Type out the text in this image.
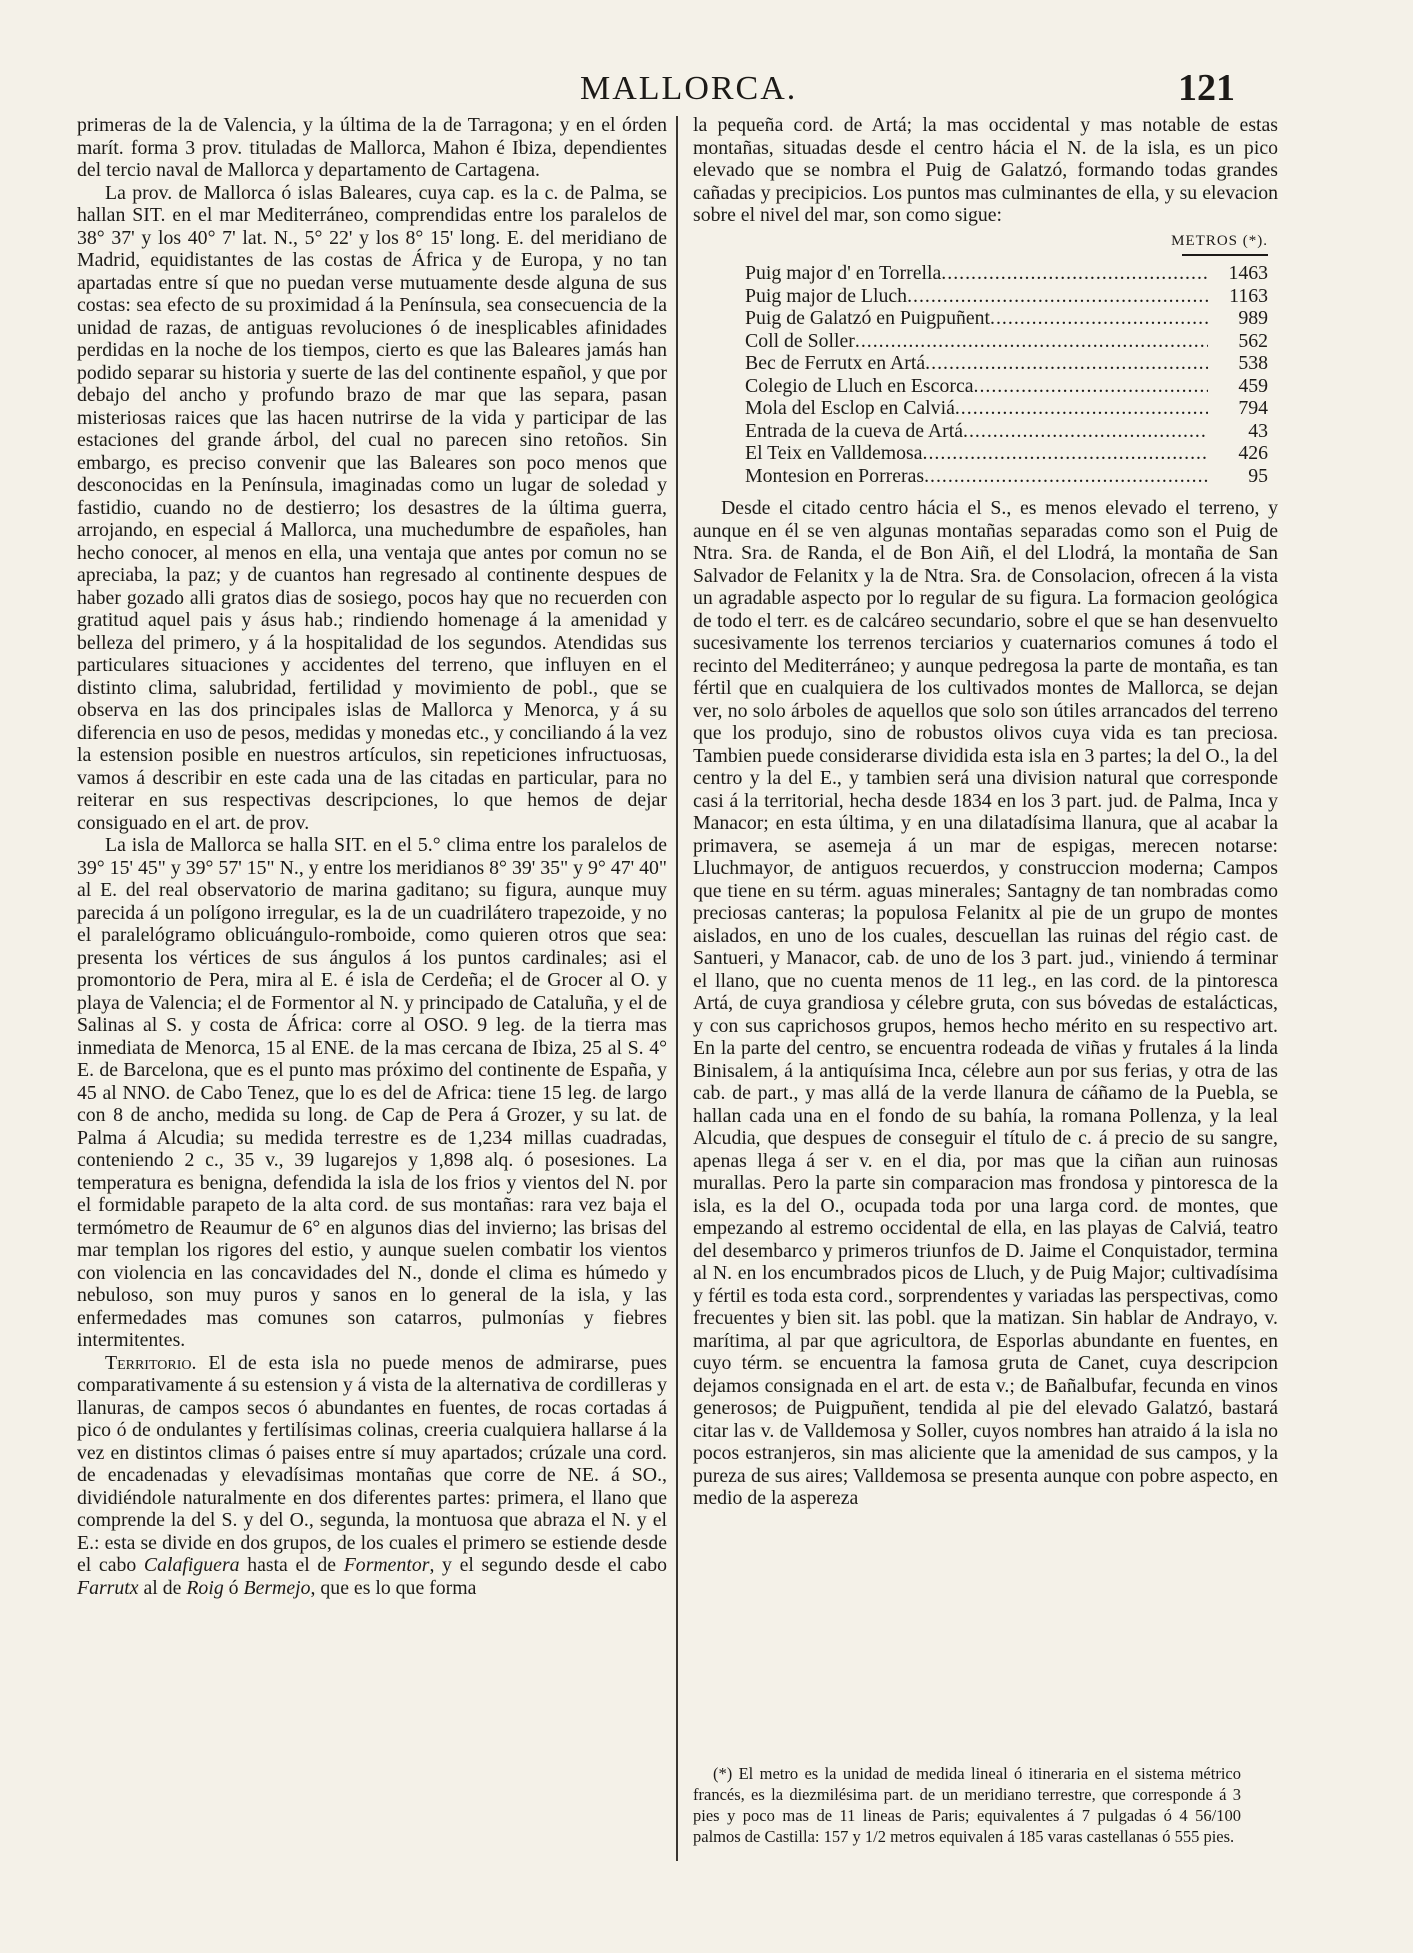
MALLORCA.	121

primeras de la de Valencia, y la última de la de Tarragona; y en el órden marít. forma 3 prov. tituladas de Mallorca, Mahon é Ibiza, dependientes del tercio naval de Mallorca y departamento de Cartagena.

La prov. de Mallorca ó islas Baleares, cuya cap. es la c. de Palma, se hallan SIT. en el mar Mediterráneo, comprendidas entre los paralelos de 38° 37' y los 40° 7' lat. N., 5° 22' y los 8° 15' long. E. del meridiano de Madrid, equidistantes de las costas de África y de Europa, y no tan apartadas entre sí que no puedan verse mutuamente desde alguna de sus costas: sea efecto de su proximidad á la Península, sea consecuencia de la unidad de razas, de antiguas revoluciones ó de inesplicables afinidades perdidas en la noche de los tiempos, cierto es que las Baleares jamás han podido separar su historia y suerte de las del continente español, y que por debajo del ancho y profundo brazo de mar que las separa, pasan misteriosas raices que las hacen nutrirse de la vida y participar de las estaciones del grande árbol, del cual no parecen sino retoños. Sin embargo, es preciso convenir que las Baleares son poco menos que desconocidas en la Península, imaginadas como un lugar de soledad y fastidio, cuando no de destierro; los desastres de la última guerra, arrojando, en especial á Mallorca, una muchedumbre de españoles, han hecho conocer, al menos en ella, una ventaja que antes por comun no se apreciaba, la paz; y de cuantos han regresado al continente despues de haber gozado alli gratos dias de sosiego, pocos hay que no recuerden con gratitud aquel pais y ásus hab.; rindiendo homenage á la amenidad y belleza del primero, y á la hospitalidad de los segundos. Atendidas sus particulares situaciones y accidentes del terreno, que influyen en el distinto clima, salubridad, fertilidad y movimiento de pobl., que se observa en las dos principales islas de Mallorca y Menorca, y á su diferencia en uso de pesos, medidas y monedas etc., y conciliando á la vez la estension posible en nuestros artículos, sin repeticiones infructuosas, vamos á describir en este cada una de las citadas en particular, para no reiterar en sus respectivas descripciones, lo que hemos de dejar consiguado en el art. de prov.

La isla de Mallorca se halla SIT. en el 5.° clima entre los paralelos de 39° 15' 45" y 39° 57' 15" N., y entre los meridianos 8° 39' 35" y 9° 47' 40" al E. del real observatorio de marina gaditano; su figura, aunque muy parecida á un polígono irregular, es la de un cuadrilátero trapezoide, y no el paralelógramo oblicuángulo-romboide, como quieren otros que sea: presenta los vértices de sus ángulos á los puntos cardinales; asi el promontorio de Pera, mira al E. é isla de Cerdeña; el de Grocer al O. y playa de Valencia; el de Formentor al N. y principado de Cataluña, y el de Salinas al S. y costa de África: corre al OSO. 9 leg. de la tierra mas inmediata de Menorca, 15 al ENE. de la mas cercana de Ibiza, 25 al S. 4° E. de Barcelona, que es el punto mas próximo del continente de España, y 45 al NNO. de Cabo Tenez, que lo es del de Africa: tiene 15 leg. de largo con 8 de ancho, medida su long. de Cap de Pera á Grozer, y su lat. de Palma á Alcudia; su medida terrestre es de 1,234 millas cuadradas, conteniendo 2 c., 35 v., 39 lugarejos y 1,898 alq. ó posesiones. La temperatura es benigna, defendida la isla de los frios y vientos del N. por el formidable parapeto de la alta cord. de sus montañas: rara vez baja el termómetro de Reaumur de 6° en algunos dias del invierno; las brisas del mar templan los rigores del estio, y aunque suelen combatir los vientos con violencia en las concavidades del N., donde el clima es húmedo y nebuloso, son muy puros y sanos en lo general de la isla, y las enfermedades mas comunes son catarros, pulmonías y fiebres intermitentes.

Territorio. El de esta isla no puede menos de admirarse, pues comparativamente á su estension y á vista de la alternativa de cordilleras y llanuras, de campos secos ó abundantes en fuentes, de rocas cortadas á pico ó de ondulantes y fertilísimas colinas, creeria cualquiera hallarse á la vez en distintos climas ó paises entre sí muy apartados; crúzale una cord. de encadenadas y elevadísimas montañas que corre de NE. á SO., dividiéndole naturalmente en dos diferentes partes: primera, el llano que comprende la del S. y del O., segunda, la montuosa que abraza el N. y el E.: esta se divide en dos grupos, de los cuales el primero se estiende desde el cabo Calafiguera hasta el de Formentor, y el segundo desde el cabo Farrutx al de Roig ó Bermejo, que es lo que forma

la pequeña cord. de Artá; la mas occidental y mas notable de estas montañas, situadas desde el centro hácia el N. de la isla, es un pico elevado que se nombra el Puig de Galatzó, formando todas grandes cañadas y precipicios. Los puntos mas culminantes de ella, y su elevacion sobre el nivel del mar, son como sigue:

METROS (*).
Puig major d' en Torrella .....	1463
Puig major de Lluch .....	1163
Puig de Galatzó en Puigpuñent .....	989
Coll de Soller .....	562
Bec de Ferrutx en Artá .....	538
Colegio de Lluch en Escorca .....	459
Mola del Esclop en Calviá .....	794
Entrada de la cueva de Artá .....	43
El Teix en Valldemosa .....	426
Montesion en Porreras .....	95

Desde el citado centro hácia el S., es menos elevado el terreno, y aunque en él se ven algunas montañas separadas como son el Puig de Ntra. Sra. de Randa, el de Bon Aiñ, el del Llodrá, la montaña de San Salvador de Felanitx y la de Ntra. Sra. de Consolacion, ofrecen á la vista un agradable aspecto por lo regular de su figura. La formacion geológica de todo el terr. es de calcáreo secundario, sobre el que se han desenvuelto sucesivamente los terrenos terciarios y cuaternarios comunes á todo el recinto del Mediterráneo; y aunque pedregosa la parte de montaña, es tan fértil que en cualquiera de los cultivados montes de Mallorca, se dejan ver, no solo árboles de aquellos que solo son útiles arrancados del terreno que los produjo, sino de robustos olivos cuya vida es tan preciosa. Tambien puede considerarse dividida esta isla en 3 partes; la del O., la del centro y la del E., y tambien será una division natural que corresponde casi á la territorial, hecha desde 1834 en los 3 part. jud. de Palma, Inca y Manacor; en esta última, y en una dilatadísima llanura, que al acabar la primavera, se asemeja á un mar de espigas, merecen notarse: Lluchmayor, de antiguos recuerdos, y construccion moderna; Campos que tiene en su térm. aguas minerales; Santagny de tan nombradas como preciosas canteras; la populosa Felanitx al pie de un grupo de montes aislados, en uno de los cuales, descuellan las ruinas del régio cast. de Santueri, y Manacor, cab. de uno de los 3 part. jud., viniendo á terminar el llano, que no cuenta menos de 11 leg., en las cord. de la pintoresca Artá, de cuya grandiosa y célebre gruta, con sus bóvedas de estalácticas, y con sus caprichosos grupos, hemos hecho mérito en su respectivo art. En la parte del centro, se encuentra rodeada de viñas y frutales á la linda Binisalem, á la antiquísima Inca, célebre aun por sus ferias, y otra de las cab. de part., y mas allá de la verde llanura de cáñamo de la Puebla, se hallan cada una en el fondo de su bahía, la romana Pollenza, y la leal Alcudia, que despues de conseguir el título de c. á precio de su sangre, apenas llega á ser v. en el dia, por mas que la ciñan aun ruinosas murallas. Pero la parte sin comparacion mas frondosa y pintoresca de la isla, es la del O., ocupada toda por una larga cord. de montes, que empezando al estremo occidental de ella, en las playas de Calviá, teatro del desembarco y primeros triunfos de D. Jaime el Conquistador, termina al N. en los encumbrados picos de Lluch, y de Puig Major; cultivadísima y fértil es toda esta cord., sorprendentes y variadas las perspectivas, como frecuentes y bien sit. las pobl. que la matizan. Sin hablar de Andrayo, v. marítima, al par que agricultora, de Esporlas abundante en fuentes, en cuyo térm. se encuentra la famosa gruta de Canet, cuya descripcion dejamos consignada en el art. de esta v.; de Bañalbufar, fecunda en vinos generosos; de Puigpuñent, tendida al pie del elevado Galatzó, bastará citar las v. de Valldemosa y Soller, cuyos nombres han atraido á la isla no pocos estranjeros, sin mas aliciente que la amenidad de sus campos, y la pureza de sus aires; Valldemosa se presenta aunque con pobre aspecto, en medio de la aspereza

(*) El metro es la unidad de medida lineal ó itineraria en el sistema métrico francés, es la diezmilésima part. de un meridiano terrestre, que corresponde á 3 pies y poco mas de 11 lineas de Paris; equivalentes á 7 pulgadas ó 4 56/100 palmos de Castilla: 157 y 1/2 metros equivalen á 185 varas castellanas ó 555 pies.
